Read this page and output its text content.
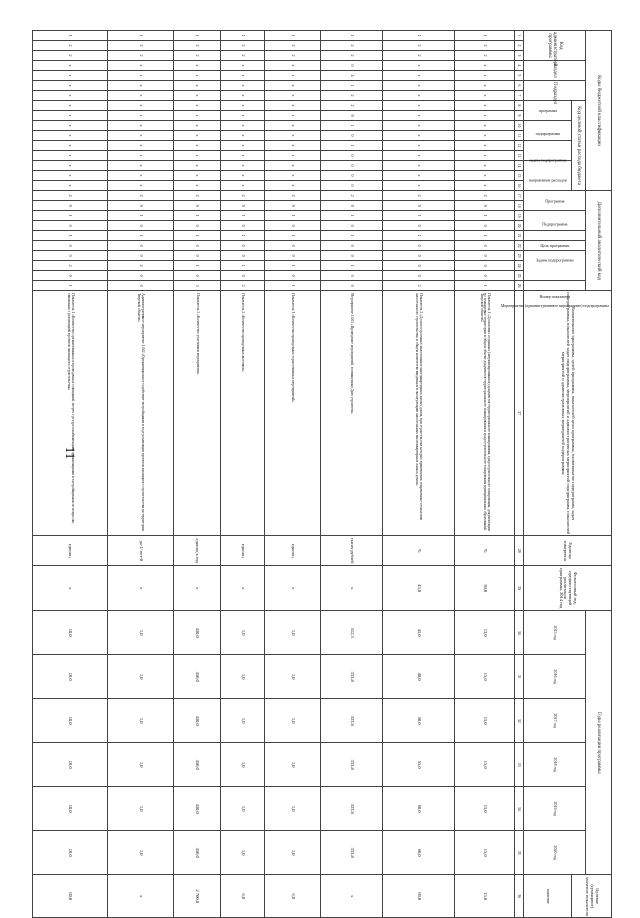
11
Коды бюджетной классификации																Дополнительный аналитический код										Наименование программы, целей программы, показателей цели программы, наименование подпрограмм, задач подпрограммы, показателей задач подпрограммы, мероприятий и административных мероприятий подпрограмм, показателей мероприятий и административных мероприятий подпрограммы	Единица измерения	Финансовый год, предшествующий реализации программы, 2014 год	Годы реализации программы						Целевое (суммарное) значение показателя	
Код администратора программы			Раздел		Подраздел		Код целевой статьи расхода бюджета									Программа		Подпрограмма		Цель программы	Задача подпрограммы	Мероприятие (административное мероприятие) подпрограммы			Номер показателя				2015 год	2016 год	2017 год	2018 год	2019 год	2020 год		
							программа		подпрограмма		задача подпрограммы		направление расходов																						значение	
1	2	3	4	5	6	7	8	9	10	11	12	13	14	15	16	17	18	19	20	21	22	23	24	25	26	27	28	29	30	31	32	33	34	35	36	
1	2	2	x	x	x	x	x	x	x	x	x	x	x	x	x	2	9	1	0	1	0	0	0	0	1	Показатель 1 «Доля новых созданных (актуализированных) документов территориального планирования, градостроительного зонирования, документации по планировке территории в общем объеме документов территориального планирования и градостроительного зонирования муниципальных образований Тверской области»	%	30,0	13,0	15,0	15,0	15,0	15,0	15,0	15,0	
1	2	2	x	x	x	x	x	x	x	x	x	x	x	x	x	2	9	1	0	1	0	0	0	0	2	Показатель 2 «Доля построенных малоэтажных многоквартирных жилых домов, при строительстве которых применялись современные технологии малоэтажного строительства, в общем количестве введенных в эксплуатацию малоэтажных многоквартирных жилых домов»	%	45,0	45,0	48,0	50,0	55,0	60,0	60,0	60,0	
1	2	2	0	4	1	2	2	9	1	0	1	0	0	0	0	2	9	1	0	1	0	0	1	0	0	Мероприятие 1.001 «Проведение мероприятий, посвященных Дню строителя»	тысяч рублей	x	512,3	333,8	333,8	333,8	333,8	333,8	x	
1	2	2	x	x	x	x	x	x	x	x	x	x	x	x	x	2	9	1	0	1	0	0	1	0	1	Показатель 1 «Количество проведенных торжественных мероприятий»	единиц	x	1,0	1,0	1,0	1,0	1,0	1,0	6,0	
1	2	2	x	x	x	x	x	x	x	x	x	x	x	x	x	2	9	1	0	1	0	0	1	0	2	Показатель 2 «Количество проведенных выставок»	единиц	x	1,0	1,0	1,0	1,0	1,0	1,0	6,0	
1	2	2	x	x	x	x	x	x	x	x	x	x	x	x	x	2	9	1	0	1	0	0	1	0	3	Показатель 3 «Количество участников мероприятия»	единиц в год	x	450,0	450,0	450,0	450,0	450,0	450,0	2 700,0	
1	2	2	x	x	x	x	x	x	x	x	x	x	x	x	x	2	9	1	0	1	0	0	2	0	0	Административное мероприятие 1.002 «Организационное содействие застройщикам в ходе реализации проектов жилищного строительства на территории Тверской области»	да-1/ нет-0	x	1,0	1,0	1,0	1,0	1,0	1,0	x	
1	2	2	x	x	x	x	x	x	x	x	x	x	x	x	x	2	9	1	0	1	0	0	2	0	1	Показатель 1 «Количество организованных и проведенных совещаний, встреч с ресурсоснабжающими организациями и застройщиками по вопросам, связанным с реализацией проектов жилищного строительства»	единиц	x	10,0	10,0	10,0	10,0	10,0	10,0	60,0	
